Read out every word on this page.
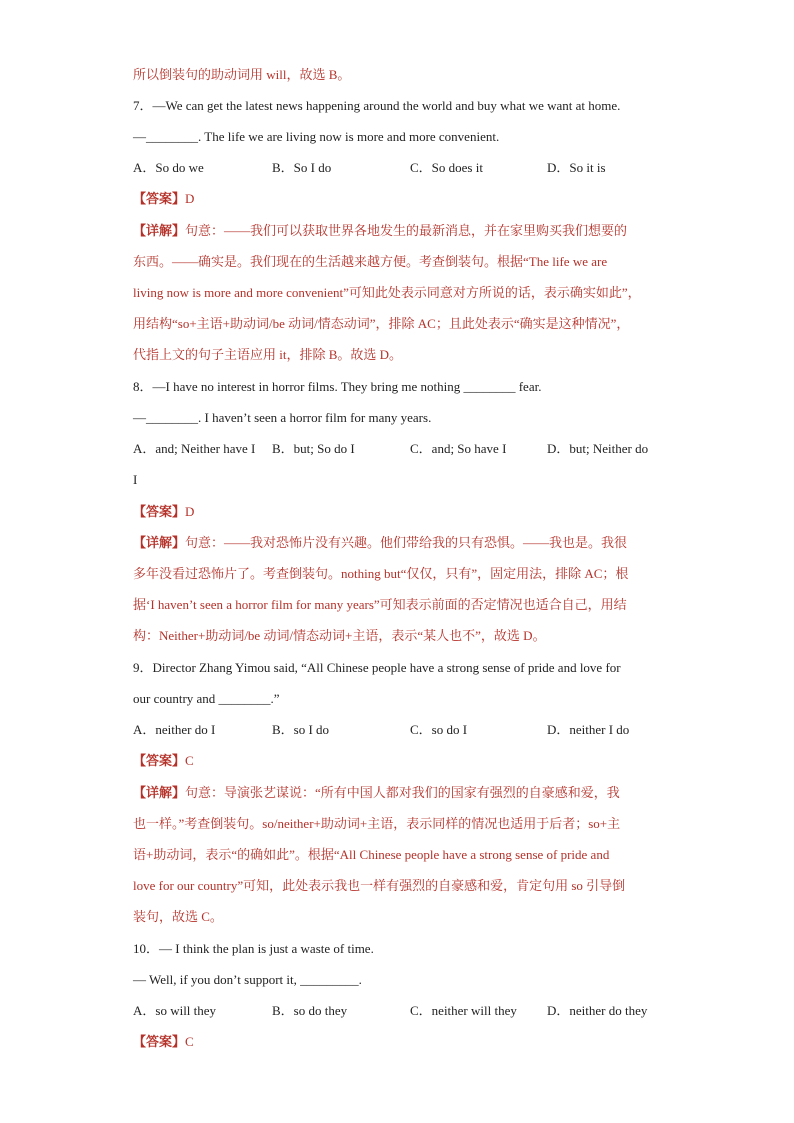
所以倒装句的助动词用 will，故选 B。
7．—We can get the latest news happening around the world and buy what we want at home.
—________. The life we are living now is more and more convenient.
A．So do we	B．So I do	C．So does it	D．So it is
【答案】D
【详解】句意：——我们可以获取世界各地发生的最新消息，并在家里购买我们想要的
东西。——确实是。我们现在的生活越来越方便。考查倒装句。根据“The life we are
living now is more and more convenient”可知此处表示同意对方所说的话，表示确实如此”，
用结构“so+主语+助动词/be 动词/情态动词”，排除 AC；且此处表示“确实是这种情况”，
代指上文的句子主语应用 it，排除 B。故选 D。
8．—I have no interest in horror films. They bring me nothing ________ fear.
—________. I haven’t seen a horror film for many years.
A．and; Neither have I B．but; So do I	C．and; So have I	D．but; Neither do
I
【答案】D
【详解】句意：——我对恐怖片没有兴趣。他们带给我的只有恐惧。——我也是。我很
多年没看过恐怖片了。考查倒装句。nothing but“仅仅，只有”，固定用法，排除 AC；根
据‘I haven’t seen a horror film for many years”可知表示前面的否定情况也适合自己，用结
构：Neither+助动词/be 动词/情态动词+主语，表示“某人也不”，故选 D。
9．Director Zhang Yimou said, “All Chinese people have a strong sense of pride and love for
our country and ________.”
A．neither do I	B．so I do	C．so do I	D．neither I do
【答案】C
【详解】句意：导演张艺谋说：“所有中国人都对我们的国家有强烈的自豪感和爱，我
也一样。”考查倒装句。so/neither+助动词+主语，表示同样的情况也适用于后者；so+主
语+助动词，表示“的确如此”。根据“All Chinese people have a strong sense of pride and
love for our country”可知，此处表示我也一样有强烈的自豪感和爱，肯定句用 so 引导倒
装句，故选 C。
10．— I think the plan is just a waste of time.
— Well, if you don’t support it, _________.
A．so will they	B．so do they	C．neither will they D．neither do they
【答案】C
